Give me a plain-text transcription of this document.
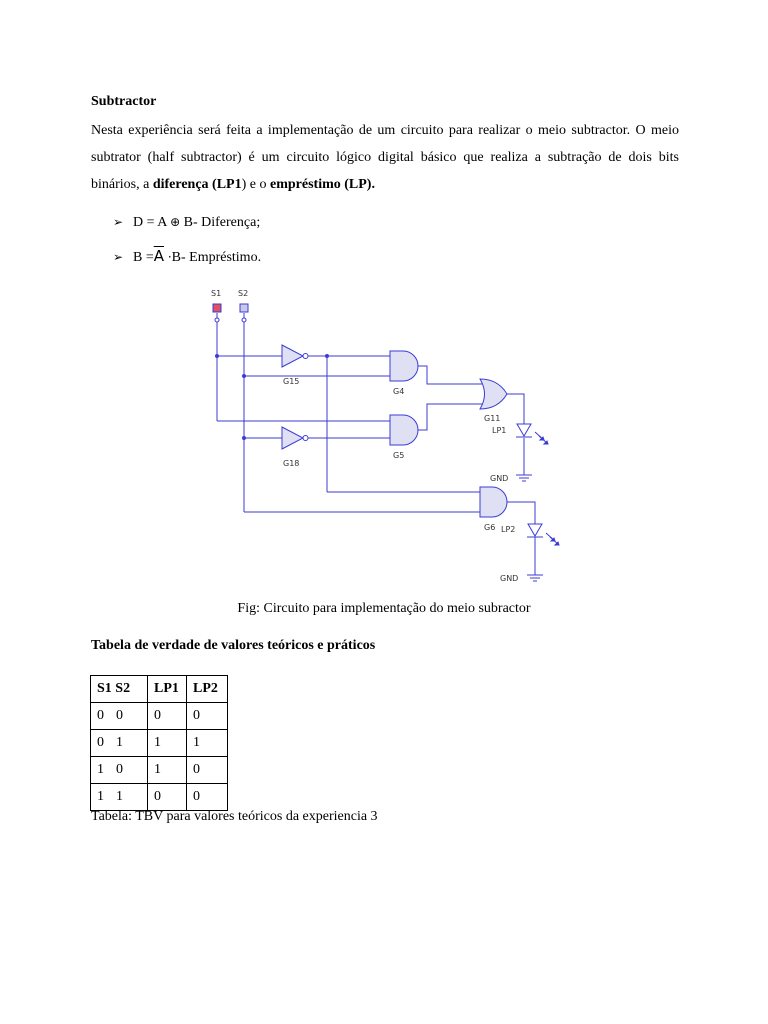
Subtractor
Nesta experiência será feita a implementação de um circuito para realizar o meio subtractor. O meio subtrator (half subtractor) é um circuito lógico digital básico que realiza a subtração de dois bits binários, a diferença (LP1) e o empréstimo (LP).
➢ D = A ⊕ B- Diferença;
➢ $B =\overline{A} \cdot B-$ Empréstimo.
S1 S2
G15
G18
G4
G5
G6
G11
LP1
LP2
GND
GND
Fig: Circuito para implementação do meio subractor
Tabela de verdade de valores teóricos e práticos
S1 S2	LP1	LP2
0 0	0	0
0 1	1	1
1 0	1	0
1 1	0	0
Tabela: TBV para valores teóricos da experiencia 3
